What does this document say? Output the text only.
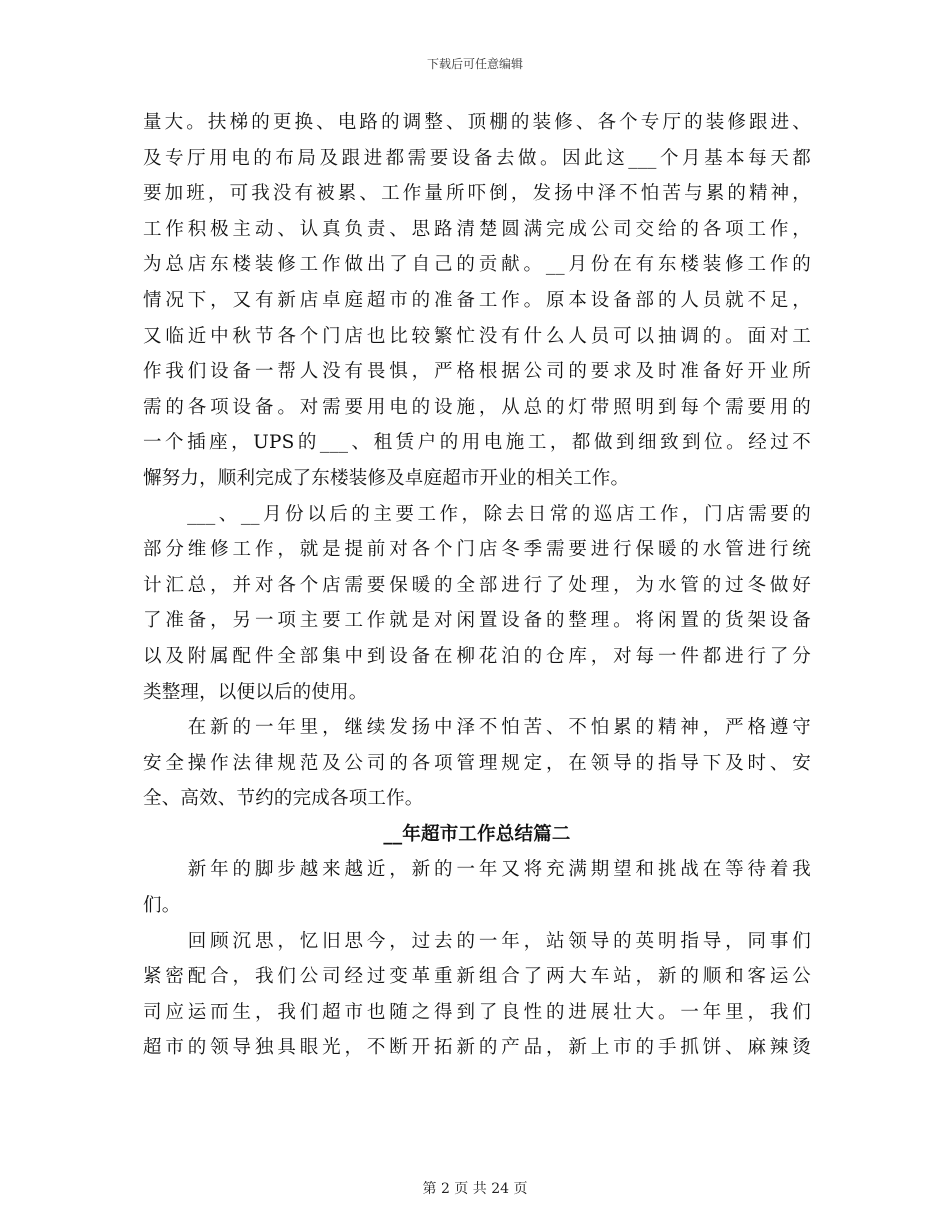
下载后可任意编辑
量大。扶梯的更换、电路的调整、顶棚的装修、各个专厅的装修跟进、
及专厅用电的布局及跟进都需要设备去做。因此这___个月基本每天都
要加班，可我没有被累、工作量所吓倒，发扬中泽不怕苦与累的精神，
工作积极主动、认真负责、思路清楚圆满完成公司交给的各项工作，
为总店东楼装修工作做出了自己的贡献。__月份在有东楼装修工作的
情况下，又有新店卓庭超市的准备工作。原本设备部的人员就不足，
又临近中秋节各个门店也比较繁忙没有什么人员可以抽调的。面对工
作我们设备一帮人没有畏惧，严格根据公司的要求及时准备好开业所
需的各项设备。对需要用电的设施，从总的灯带照明到每个需要用的
一个插座，UPS的___、租赁户的用电施工，都做到细致到位。经过不
懈努力，顺利完成了东楼装修及卓庭超市开业的相关工作。
　　___、__月份以后的主要工作，除去日常的巡店工作，门店需要的
部分维修工作，就是提前对各个门店冬季需要进行保暖的水管进行统
计汇总，并对各个店需要保暖的全部进行了处理，为水管的过冬做好
了准备，另一项主要工作就是对闲置设备的整理。将闲置的货架设备
以及附属配件全部集中到设备在柳花泊的仓库，对每一件都进行了分
类整理，以便以后的使用。
　　在新的一年里，继续发扬中泽不怕苦、不怕累的精神，严格遵守
安全操作法律规范及公司的各项管理规定，在领导的指导下及时、安
全、高效、节约的完成各项工作。
__年超市工作总结篇二
　　新年的脚步越来越近，新的一年又将充满期望和挑战在等待着我
们。
　　回顾沉思，忆旧思今，过去的一年，站领导的英明指导，同事们
紧密配合，我们公司经过变革重新组合了两大车站，新的顺和客运公
司应运而生，我们超市也随之得到了良性的进展壮大。一年里，我们
超市的领导独具眼光，不断开拓新的产品，新上市的手抓饼、麻辣烫
第 2 页 共 24 页
